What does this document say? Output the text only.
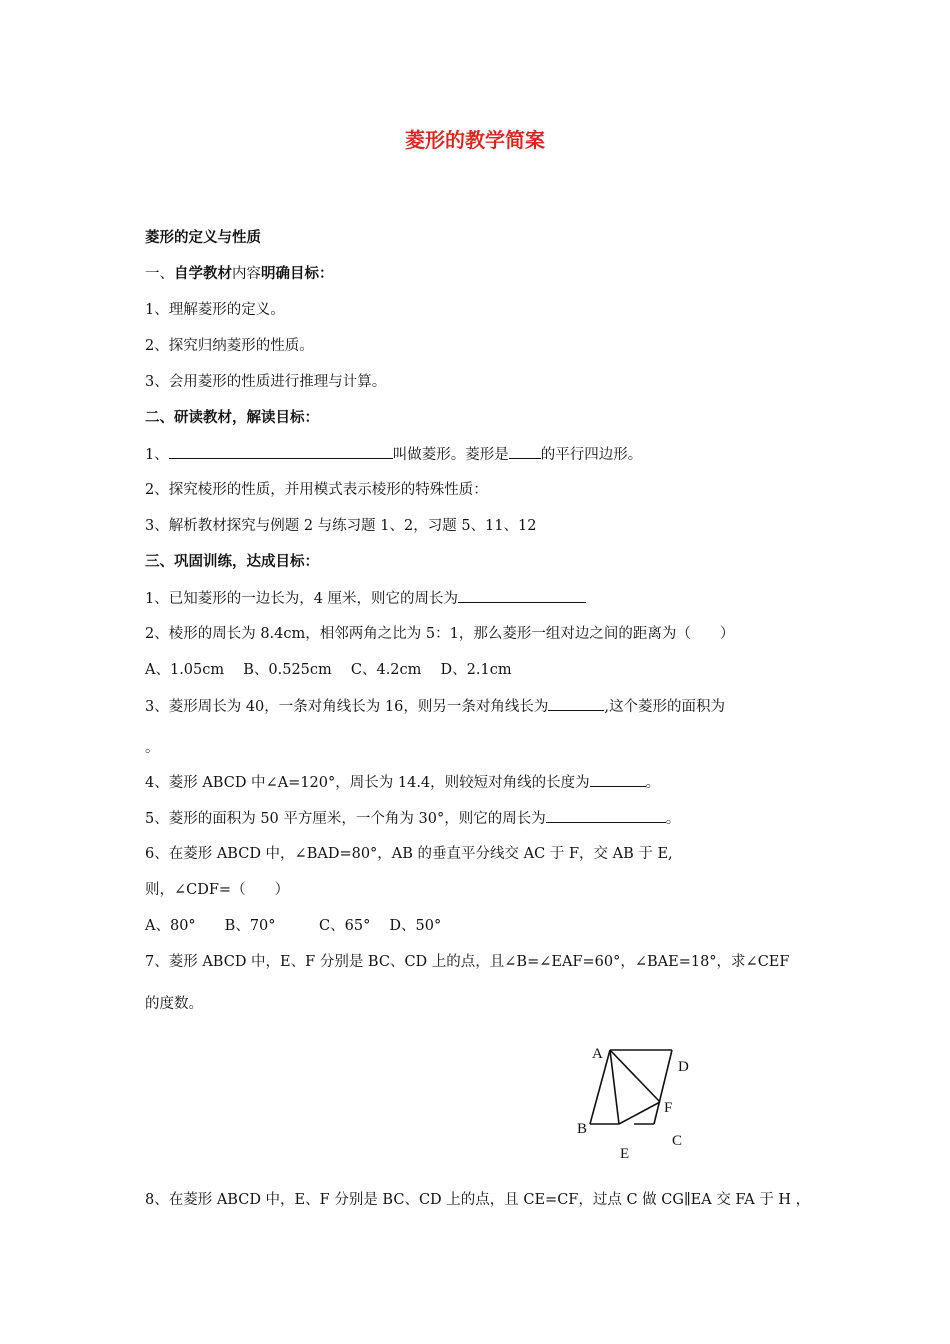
菱形的教学简案
菱形的定义与性质
一、自学教材内容明确目标：
1、理解菱形的定义。
2、探究归纳菱形的性质。
3、会用菱形的性质进行推理与计算。
二、研读教材，解读目标：
1、	叫做菱形。菱形是 的平行四边形。
2、探究棱形的性质，并用模式表示棱形的特殊性质：
3、解析教材探究与例题 2 与练习题 1、2，习题 5、11、12
三、巩固训练，达成目标：
1、已知菱形的一边长为，4 厘米，则它的周长为
2、棱形的周长为 8.4cm，相邻两角之比为 5：1，那么菱形一组对边之间的距离为（　　）
A、1.05cm　 B、0.525cm　 C、4.2cm　 D、2.1cm
3、菱形周长为 40，一条对角线长为 16，则另一条对角线长为	,这个菱形的面积为
。
4、菱形 ABCD 中∠A=120°，周长为 14.4，则较短对角线的长度为	。
5、菱形的面积为 50 平方厘米，一个角为 30°，则它的周长为	。
6、在菱形 ABCD 中，∠BAD=80°，AB 的垂直平分线交 AC 于 F，交 AB 于 E,
则，∠CDF=（　　）
A、80°　　B、70°　　　C、65°　 D、50°
7、菱形 ABCD 中，E、F 分别是 BC、CD 上的点，且∠B=∠EAF=60°，∠BAE=18°，求∠CEF
的度数。
A
D
B
C
E
F
8、在菱形 ABCD 中，E、F 分别是 BC、CD 上的点，且 CE=CF，过点 C 做 CG∥EA 交 FA 于 H ，
